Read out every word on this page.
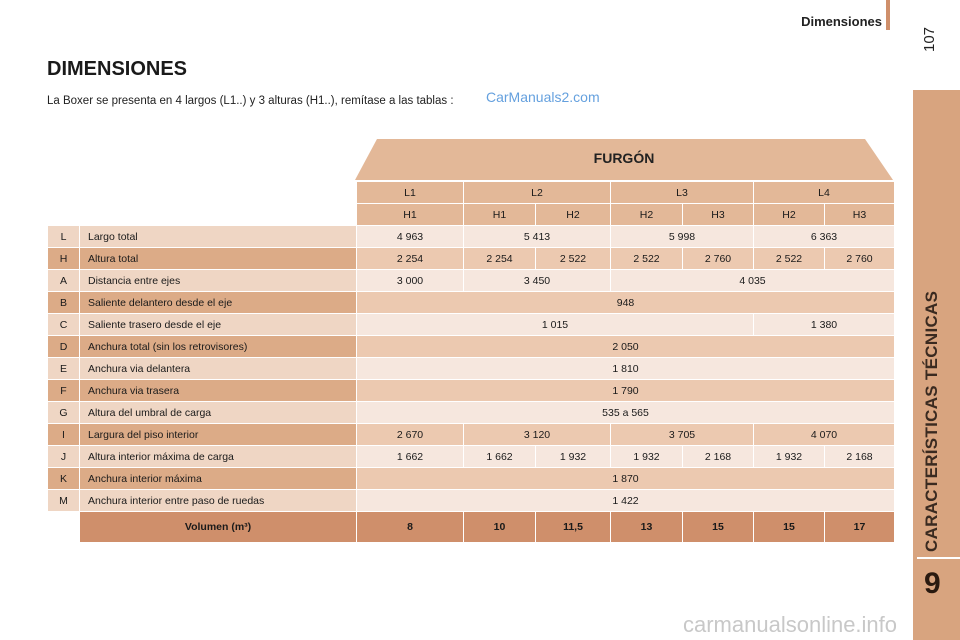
Dimensiones
107
CARACTERÍSTICAS TÉCNICAS
9
DIMENSIONES
La Boxer se presenta en 4 largos (L1..) y 3 alturas (H1..), remítase a las tablas : CarManuals2.com
FURGÓN
		L1	L2		L3		L4	
		H1	H1	H2	H2	H3	H2	H3
L	Largo total	4 963	5 413		5 998		6 363	
H	Altura total	2 254	2 254	2 522	2 522	2 760	2 522	2 760
A	Distancia entre ejes	3 000	3 450		4 035			
B	Saliente delantero desde el eje	948						
C	Saliente trasero desde el eje	1 015					1 380	
D	Anchura total (sin los retrovisores)	2 050						
E	Anchura via delantera	1 810						
F	Anchura via trasera	1 790						
G	Altura del umbral de carga	535 a 565						
I	Largura del piso interior	2 670	3 120		3 705		4 070	
J	Altura interior máxima de carga	1 662	1 662	1 932	1 932	2 168	1 932	2 168
K	Anchura interior máxima	1 870						
M	Anchura interior entre paso de ruedas	1 422						
	Volumen (m³)	8	10	11,5	13	15	15	17
carmanualsonline.info
